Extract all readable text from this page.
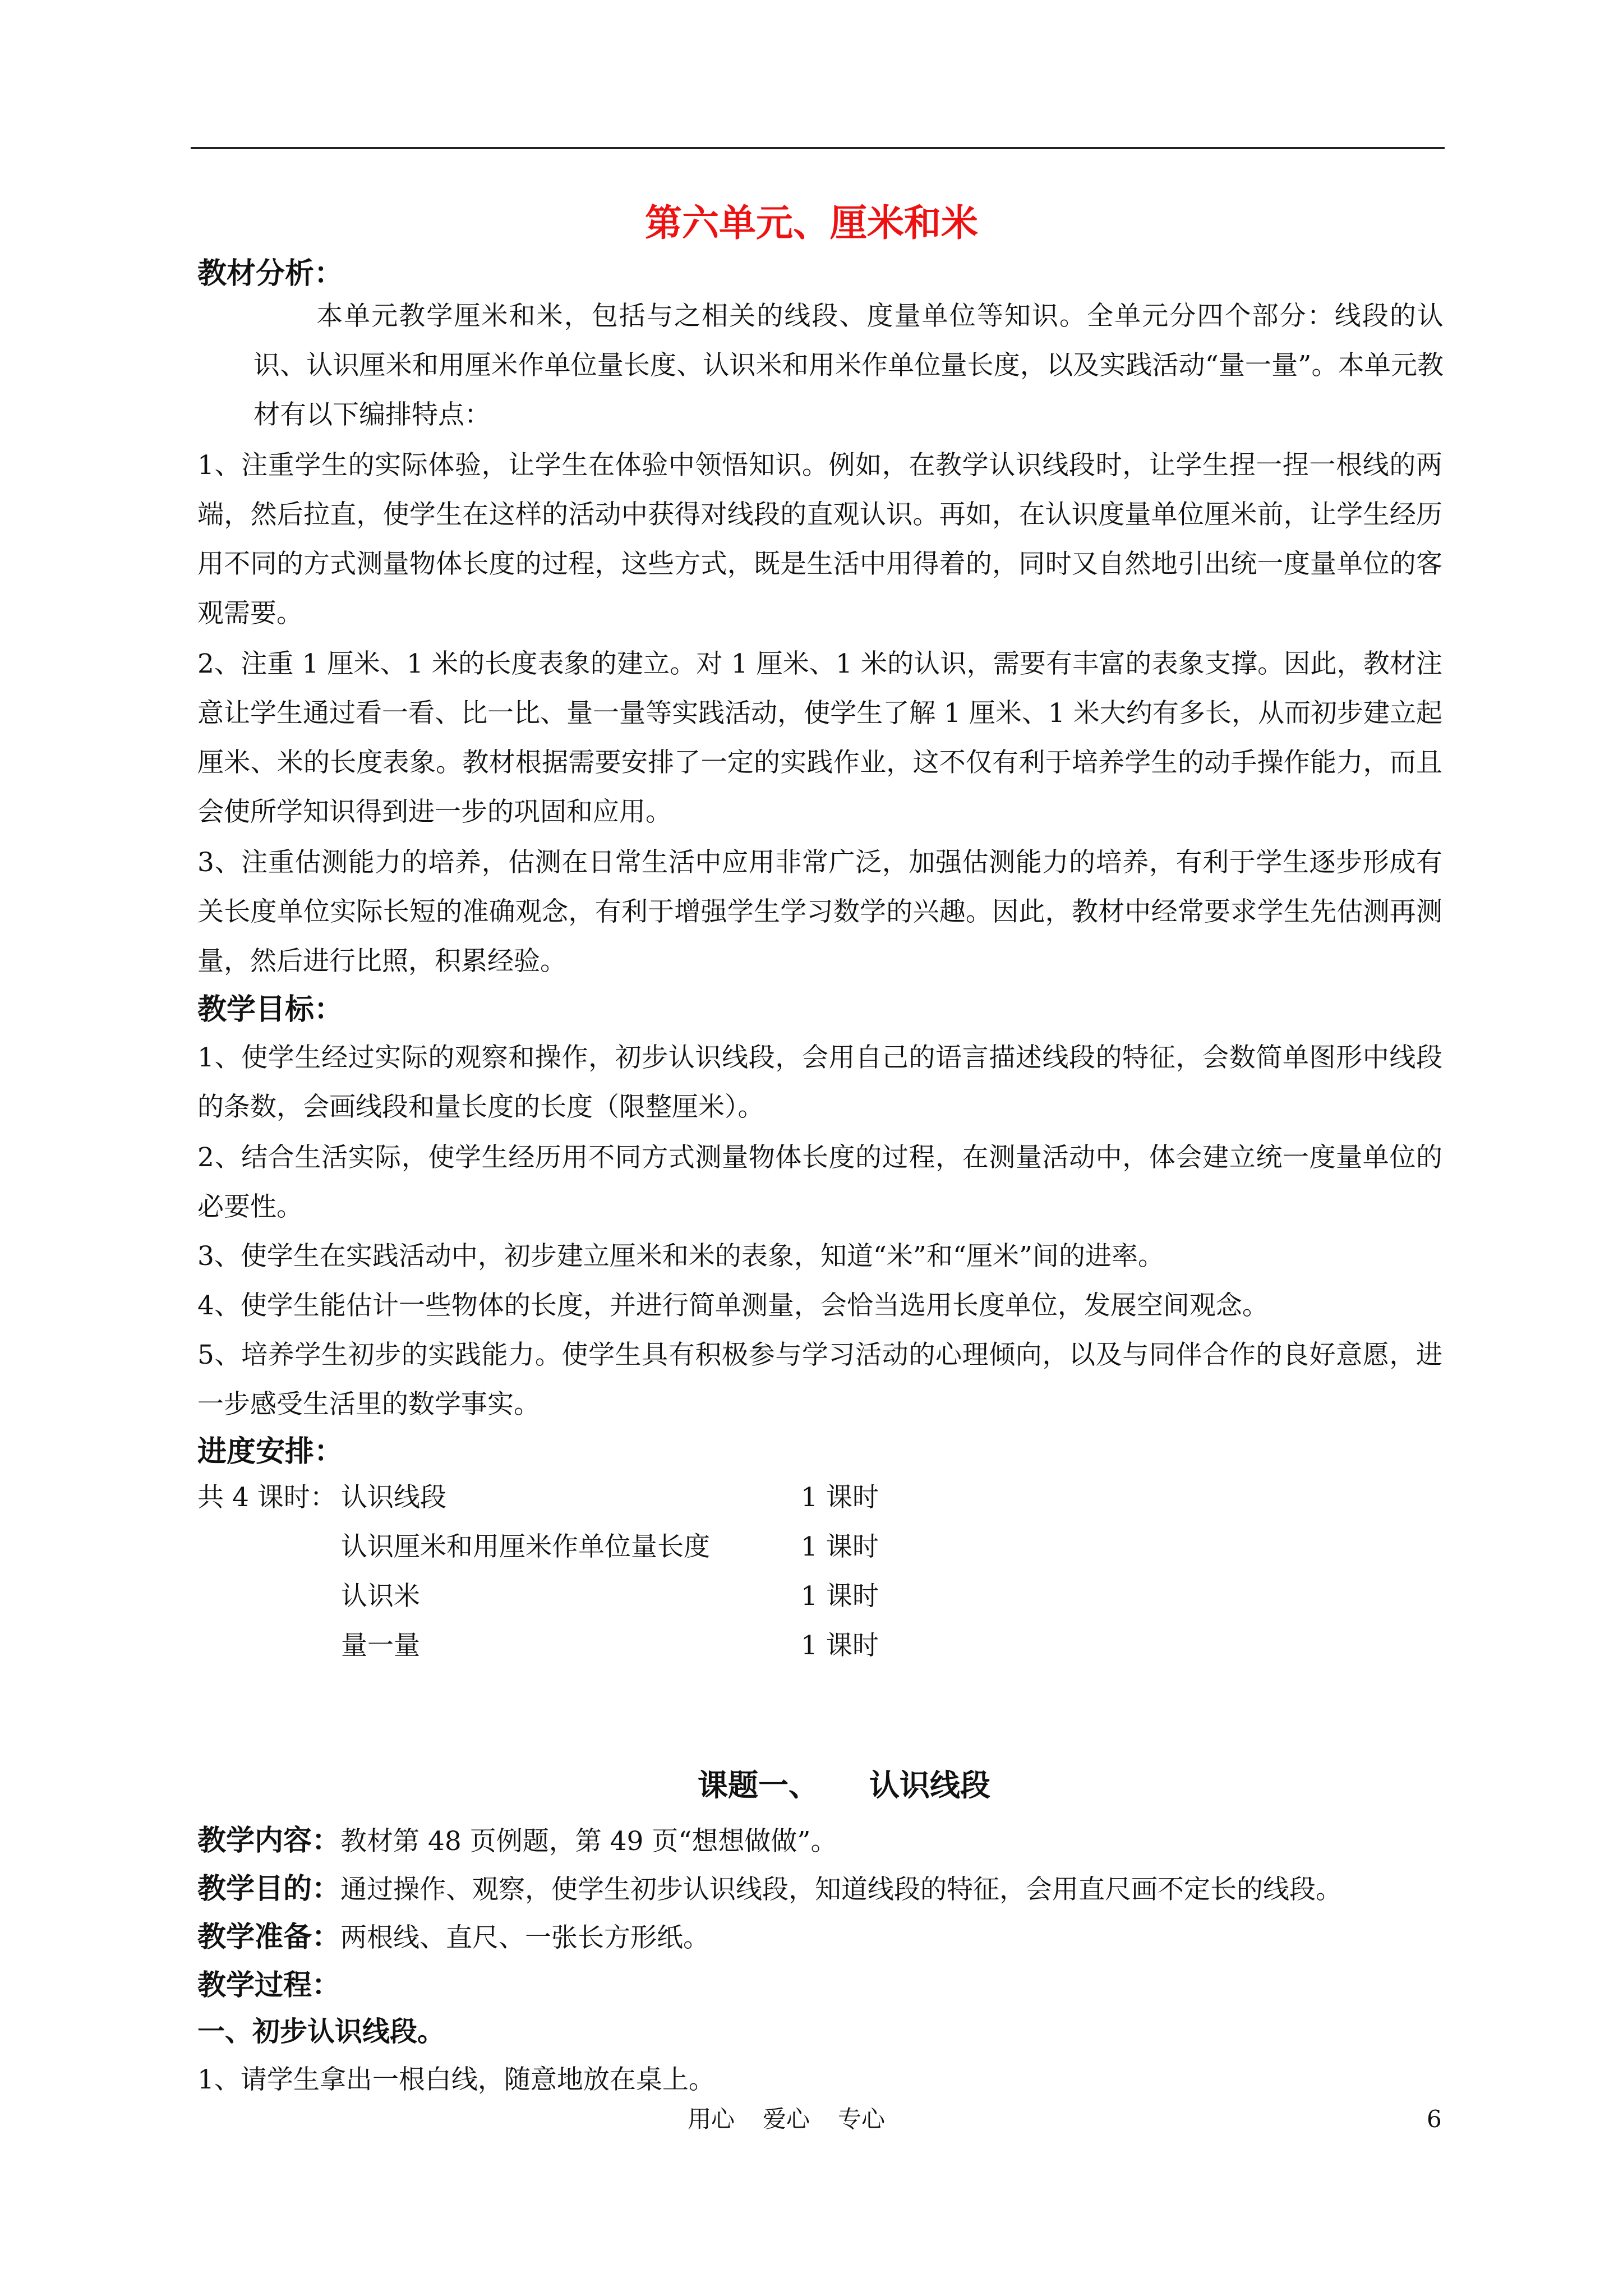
第六单元、厘米和米
教材分析：
本单元教学厘米和米，包括与之相关的线段、度量单位等知识。全单元分四个部分：线段的认识、认识厘米和用厘米作单位量长度、认识米和用米作单位量长度，以及实践活动“量一量”。本单元教材有以下编排特点：
1、注重学生的实际体验，让学生在体验中领悟知识。例如，在教学认识线段时，让学生捏一捏一根线的两端，然后拉直，使学生在这样的活动中获得对线段的直观认识。再如，在认识度量单位厘米前，让学生经历用不同的方式测量物体长度的过程，这些方式，既是生活中用得着的，同时又自然地引出统一度量单位的客观需要。
2、注重 1 厘米、1 米的长度表象的建立。对 1 厘米、1 米的认识，需要有丰富的表象支撑。因此，教材注意让学生通过看一看、比一比、量一量等实践活动，使学生了解 1 厘米、1 米大约有多长，从而初步建立起厘米、米的长度表象。教材根据需要安排了一定的实践作业，这不仅有利于培养学生的动手操作能力，而且会使所学知识得到进一步的巩固和应用。
3、注重估测能力的培养，估测在日常生活中应用非常广泛，加强估测能力的培养，有利于学生逐步形成有关长度单位实际长短的准确观念，有利于增强学生学习数学的兴趣。因此，教材中经常要求学生先估测再测量，然后进行比照，积累经验。
教学目标：
1、使学生经过实际的观察和操作，初步认识线段，会用自己的语言描述线段的特征，会数简单图形中线段的条数，会画线段和量长度的长度（限整厘米）。
2、结合生活实际，使学生经历用不同方式测量物体长度的过程，在测量活动中，体会建立统一度量单位的必要性。
3、使学生在实践活动中，初步建立厘米和米的表象，知道“米”和“厘米”间的进率。
4、使学生能估计一些物体的长度，并进行简单测量，会恰当选用长度单位，发展空间观念。
5、培养学生初步的实践能力。使学生具有积极参与学习活动的心理倾向，以及与同伴合作的良好意愿，进一步感受生活里的数学事实。
进度安排：
共 4 课时： 认识线段	1 课时
认识厘米和用厘米作单位量长度	1 课时
认识米	1 课时
量一量	1 课时
课题一、 认识线段
教学内容：教材第 48 页例题，第 49 页“想想做做”。
教学目的：通过操作、观察，使学生初步认识线段，知道线段的特征，会用直尺画不定长的线段。
教学准备：两根线、直尺、一张长方形纸。
教学过程：
一、初步认识线段。
1、请学生拿出一根白线，随意地放在桌上。
用心 爱心 专心	6
